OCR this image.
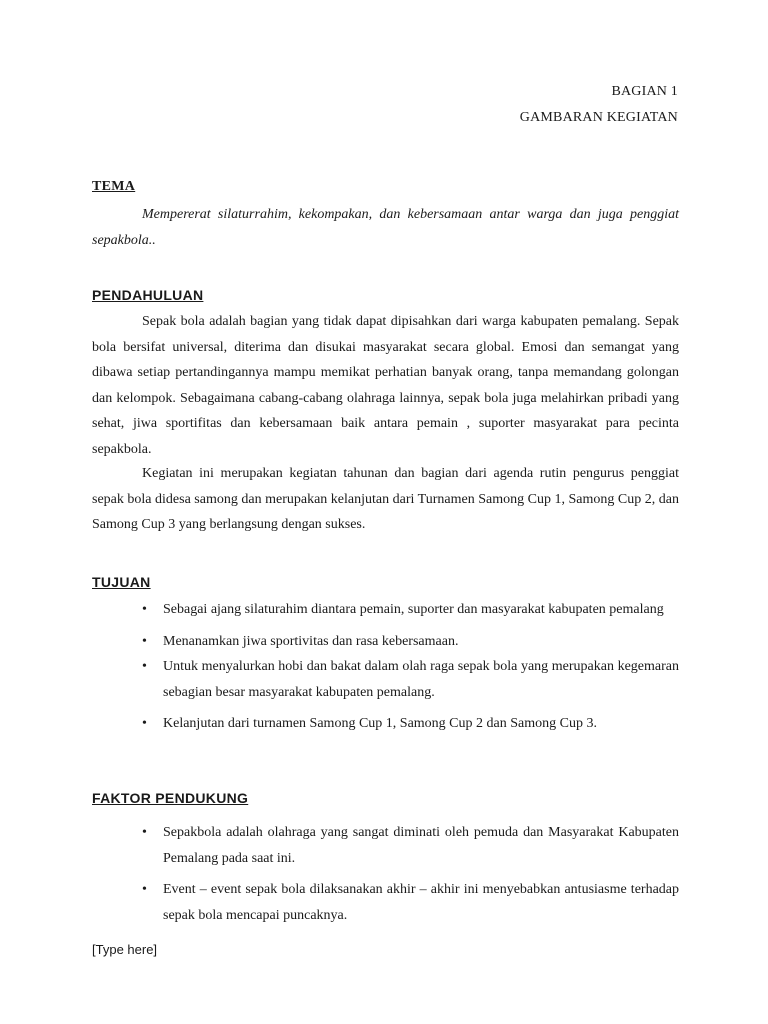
BAGIAN 1
GAMBARAN KEGIATAN
TEMA
Mempererat silaturrahim, kekompakan, dan kebersamaan antar warga dan juga penggiat sepakbola..
PENDAHULUAN
Sepak bola adalah bagian yang tidak dapat dipisahkan dari warga kabupaten pemalang. Sepak bola bersifat universal, diterima dan disukai masyarakat secara global. Emosi dan semangat yang dibawa setiap pertandingannya mampu memikat perhatian banyak orang, tanpa memandang golongan dan kelompok. Sebagaimana cabang-cabang olahraga lainnya, sepak bola juga melahirkan pribadi yang sehat, jiwa sportifitas dan kebersamaan baik antara pemain , suporter masyarakat para pecinta sepakbola.
Kegiatan ini merupakan kegiatan tahunan dan bagian dari agenda rutin pengurus penggiat sepak bola didesa samong dan merupakan kelanjutan dari Turnamen Samong Cup 1, Samong Cup 2, dan Samong Cup 3 yang berlangsung dengan sukses.
TUJUAN
• Sebagai ajang silaturahim diantara pemain, suporter dan masyarakat kabupaten pemalang
• Menanamkan jiwa sportivitas dan rasa kebersamaan.
• Untuk menyalurkan hobi dan bakat dalam olah raga sepak bola yang merupakan kegemaran sebagian besar masyarakat kabupaten pemalang.
• Kelanjutan dari turnamen Samong Cup 1, Samong Cup 2 dan Samong Cup 3.
FAKTOR PENDUKUNG
• Sepakbola adalah olahraga yang sangat diminati oleh pemuda dan Masyarakat Kabupaten Pemalang pada saat ini.
• Event – event sepak bola dilaksanakan akhir – akhir ini menyebabkan antusiasme terhadap sepak bola mencapai puncaknya.
[Type here]
